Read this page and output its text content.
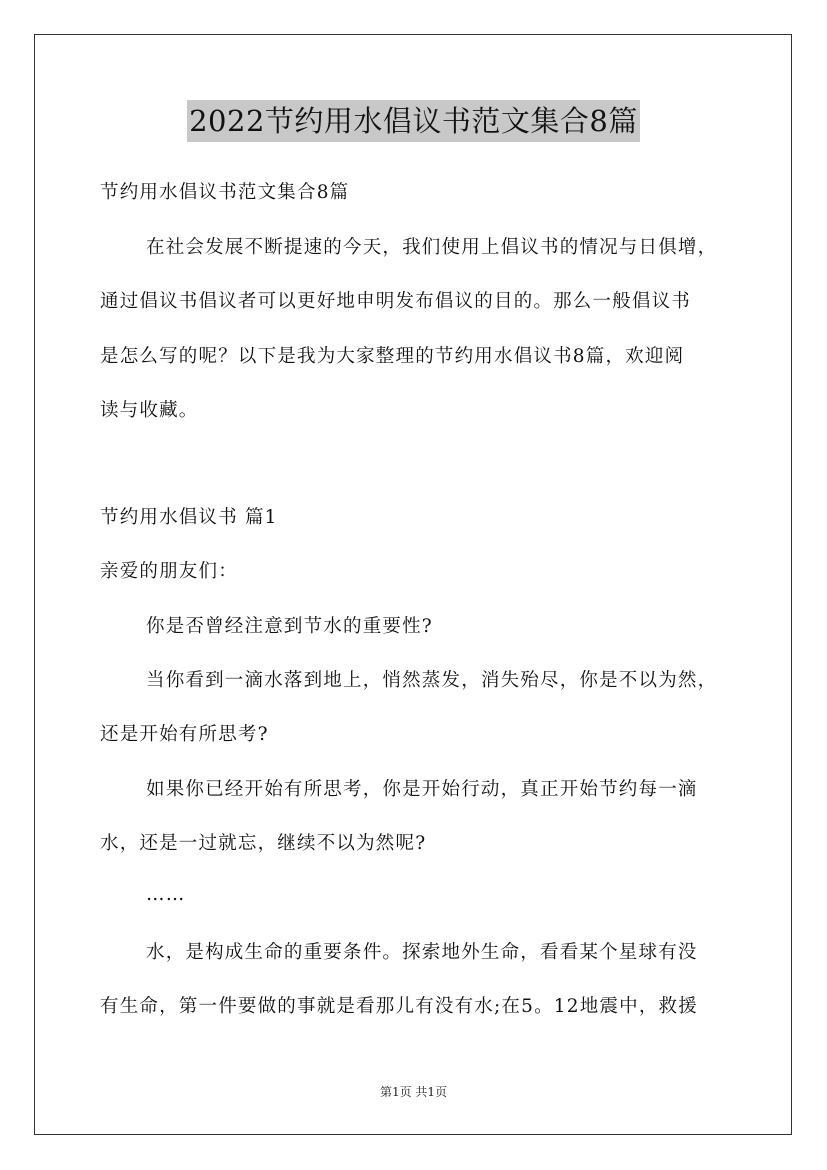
2022节约用水倡议书范文集合8篇
节约用水倡议书范文集合8篇
在社会发展不断提速的今天，我们使用上倡议书的情况与日俱增，
通过倡议书倡议者可以更好地申明发布倡议的目的。那么一般倡议书
是怎么写的呢？以下是我为大家整理的节约用水倡议书8篇，欢迎阅
读与收藏。
节约用水倡议书 篇1
亲爱的朋友们：
你是否曾经注意到节水的重要性?
当你看到一滴水落到地上，悄然蒸发，消失殆尽，你是不以为然，
还是开始有所思考?
如果你已经开始有所思考，你是开始行动，真正开始节约每一滴
水，还是一过就忘，继续不以为然呢?
……
水，是构成生命的重要条件。探索地外生命，看看某个星球有没
有生命，第一件要做的事就是看那儿有没有水;在5。12地震中，救援
第1页 共1页
